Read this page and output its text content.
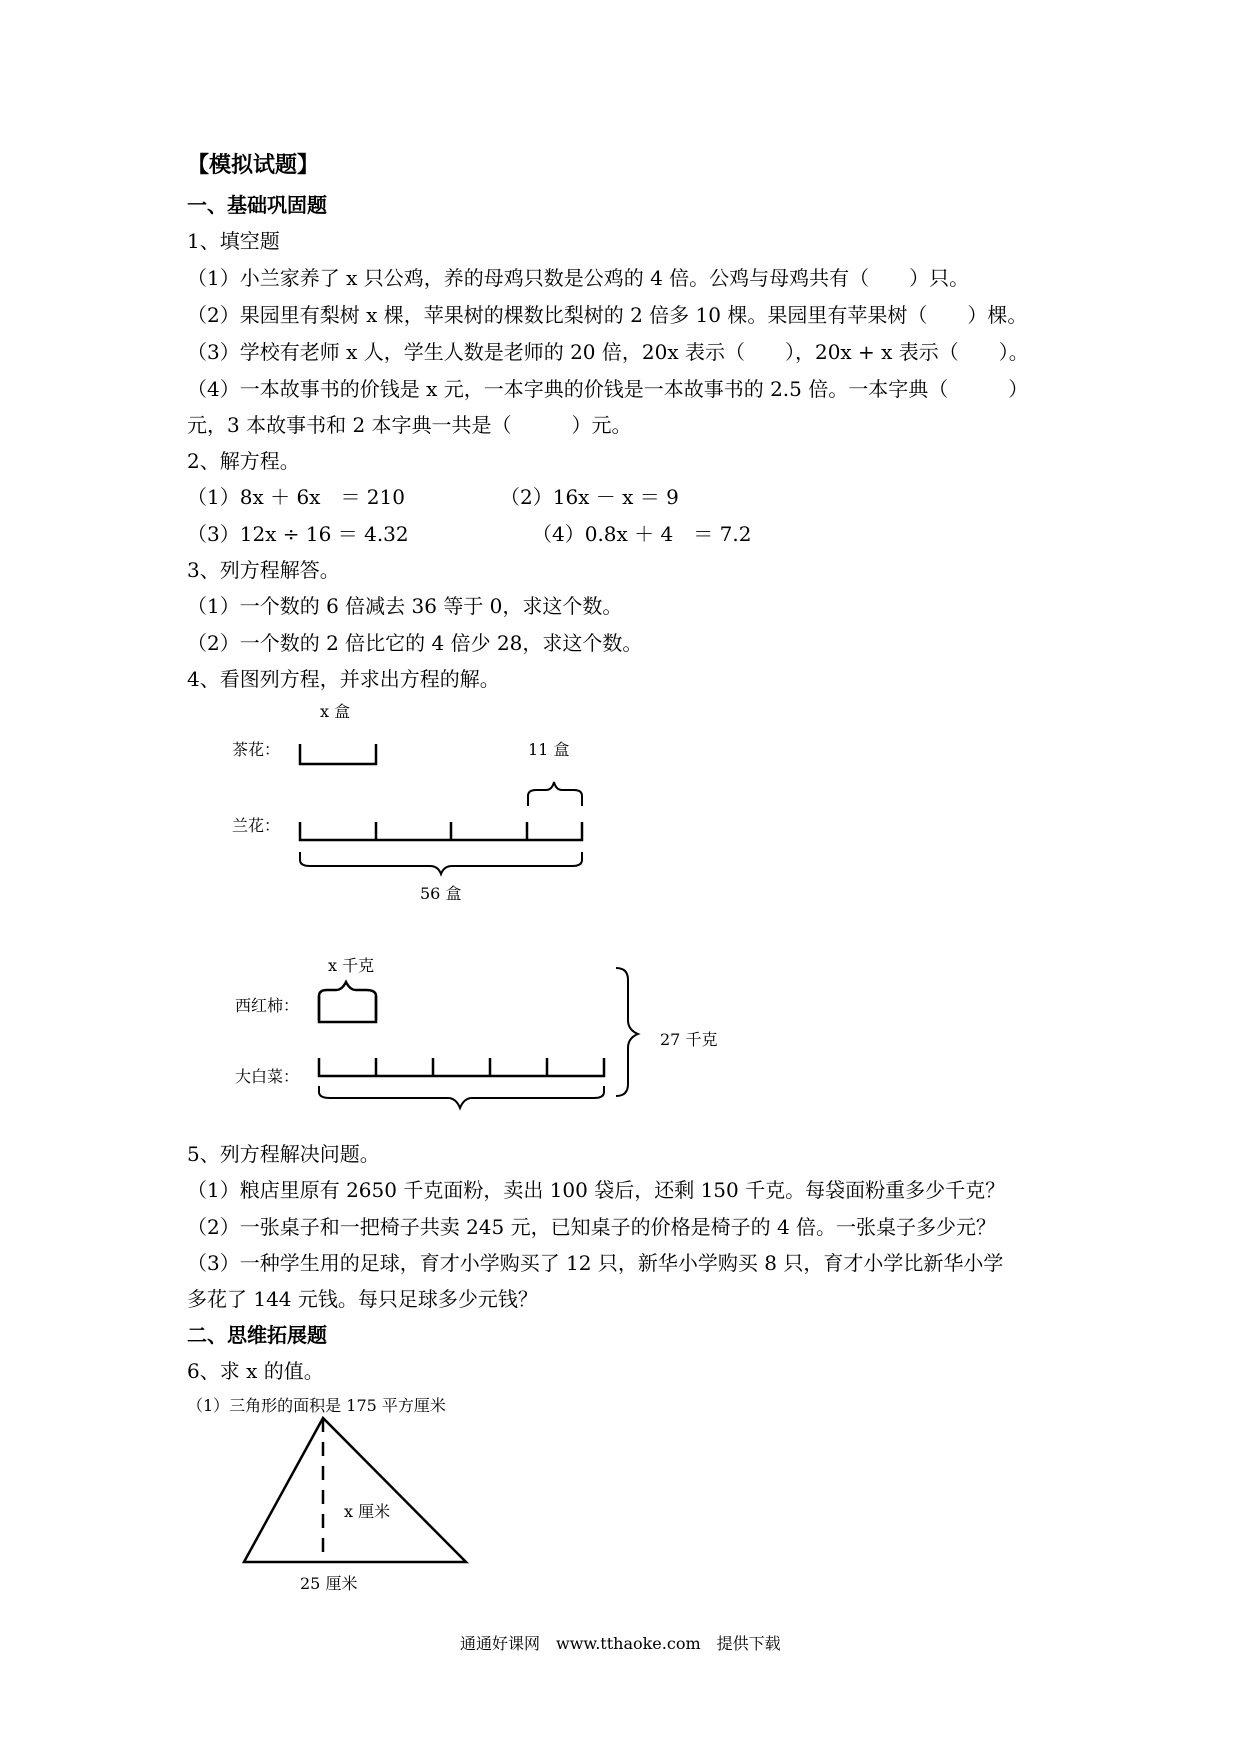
【模拟试题】
一、基础巩固题
1、填空题
（1）小兰家养了 x 只公鸡，养的母鸡只数是公鸡的 4 倍。公鸡与母鸡共有（　　）只。
（2）果园里有梨树 x 棵，苹果树的棵数比梨树的 2 倍多 10 棵。果园里有苹果树（　　）棵。
（3）学校有老师 x 人，学生人数是老师的 20 倍，20x 表示（　　），20x + x 表示（　　）。
（4）一本故事书的价钱是 x 元，一本字典的价钱是一本故事书的 2.5 倍。一本字典（　　　）
元，3 本故事书和 2 本字典一共是（　　　）元。
2、解方程。
（1）8x ＋ 6x　＝ 210	（2）16x － x ＝ 9
（3）12x ÷ 16 ＝ 4.32	（4）0.8x ＋ 4　＝ 7.2
3、列方程解答。
（1）一个数的 6 倍减去 36 等于 0，求这个数。
（2）一个数的 2 倍比它的 4 倍少 28，求这个数。
4、看图列方程，并求出方程的解。
x 盒
茶花：	11 盒
兰花：
56 盒
x 千克
西红柿：
大白菜：
27 千克
5、列方程解决问题。
（1）粮店里原有 2650 千克面粉，卖出 100 袋后，还剩 150 千克。每袋面粉重多少千克？
（2）一张桌子和一把椅子共卖 245 元，已知桌子的价格是椅子的 4 倍。一张桌子多少元？
（3）一种学生用的足球，育才小学购买了 12 只，新华小学购买 8 只，育才小学比新华小学
多花了 144 元钱。每只足球多少元钱？
二、思维拓展题
6、求 x 的值。
（1）三角形的面积是 175 平方厘米
x 厘米
25 厘米
通通好课网　www.tthaoke.com　提供下载
